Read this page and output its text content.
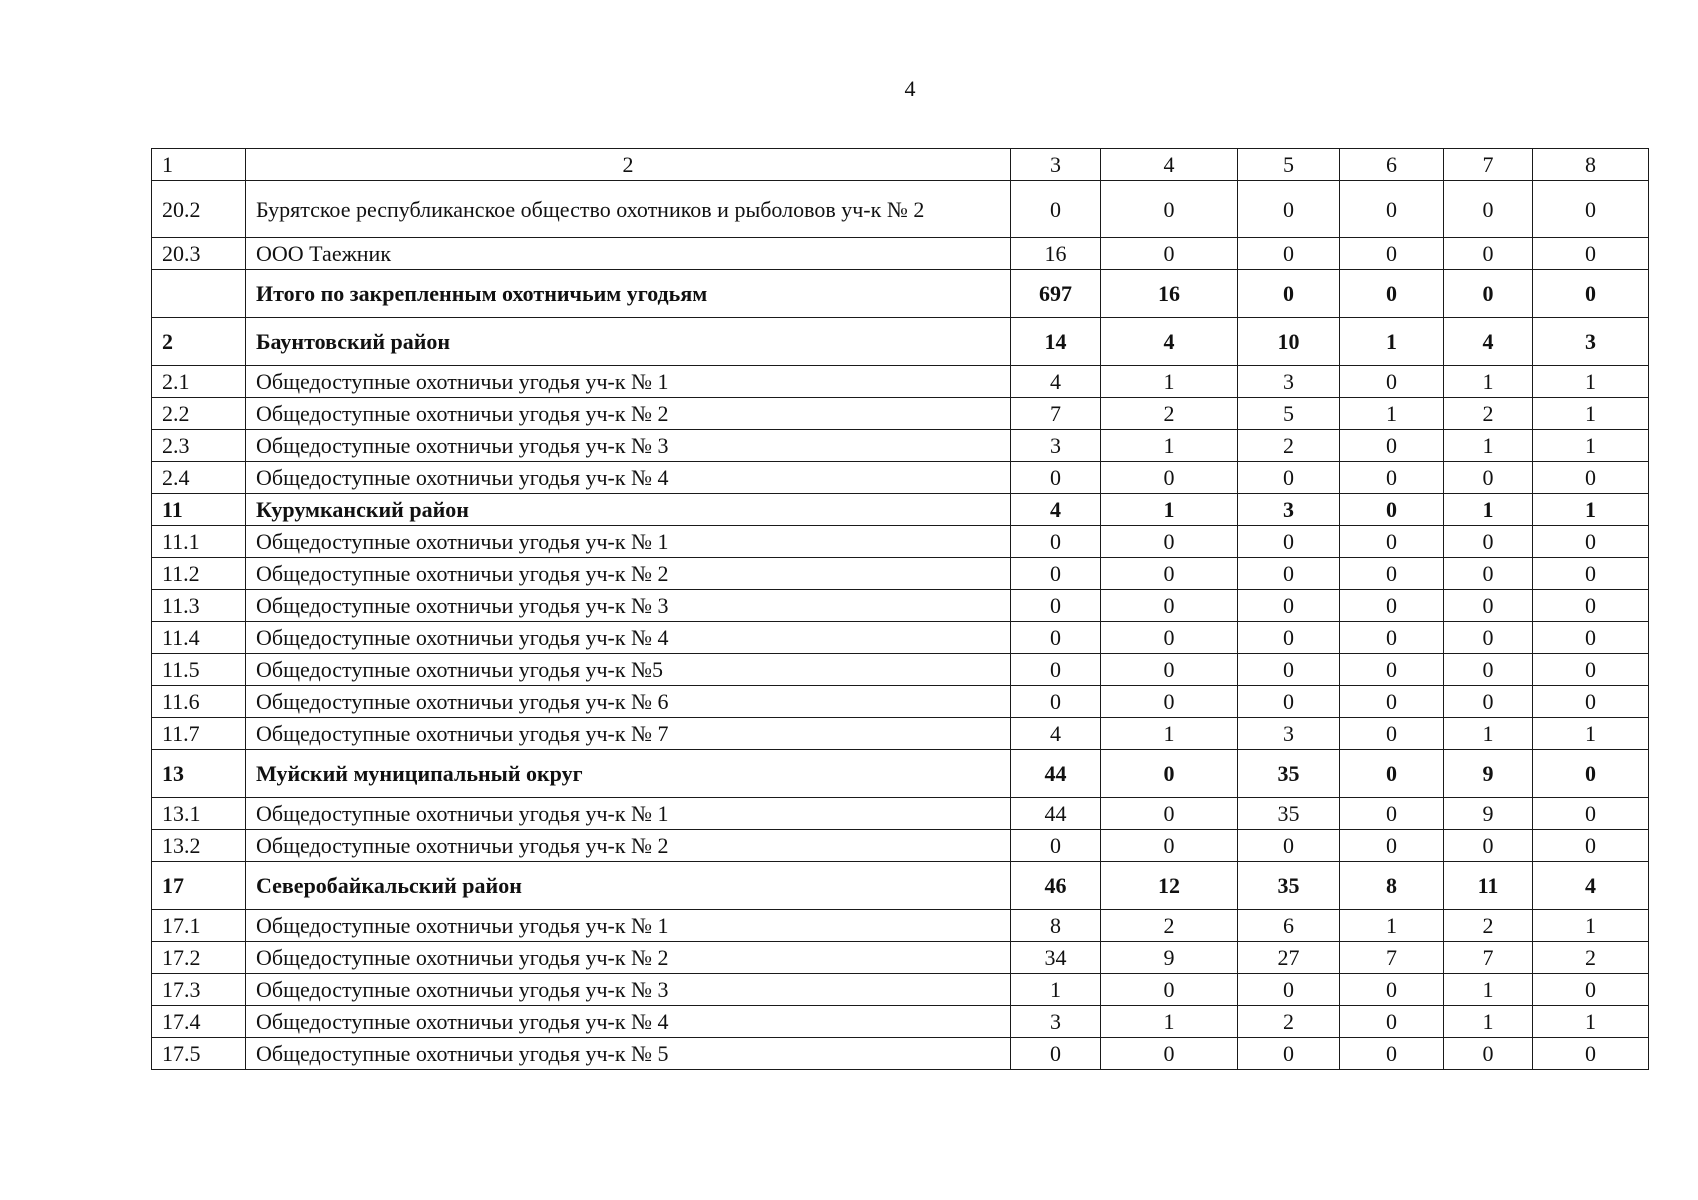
4
1	2	3	4	5	6	7	8
20.2	Бурятское республиканское общество охотников и рыболовов уч-к № 2	0	0	0	0	0	0
20.3	ООО Таежник	16	0	0	0	0	0
	Итого по закрепленным охотничьим угодьям	697	16	0	0	0	0
2	Баунтовский район	14	4	10	1	4	3
2.1	Общедоступные охотничьи угодья уч-к № 1	4	1	3	0	1	1
2.2	Общедоступные охотничьи угодья уч-к № 2	7	2	5	1	2	1
2.3	Общедоступные охотничьи угодья уч-к № 3	3	1	2	0	1	1
2.4	Общедоступные охотничьи угодья уч-к № 4	0	0	0	0	0	0
11	Курумканский район	4	1	3	0	1	1
11.1	Общедоступные охотничьи угодья уч-к № 1	0	0	0	0	0	0
11.2	Общедоступные охотничьи угодья уч-к № 2	0	0	0	0	0	0
11.3	Общедоступные охотничьи угодья уч-к № 3	0	0	0	0	0	0
11.4	Общедоступные охотничьи угодья уч-к № 4	0	0	0	0	0	0
11.5	Общедоступные охотничьи угодья уч-к №5	0	0	0	0	0	0
11.6	Общедоступные охотничьи угодья уч-к № 6	0	0	0	0	0	0
11.7	Общедоступные охотничьи угодья уч-к № 7	4	1	3	0	1	1
13	Муйский муниципальный округ	44	0	35	0	9	0
13.1	Общедоступные охотничьи угодья уч-к № 1	44	0	35	0	9	0
13.2	Общедоступные охотничьи угодья уч-к № 2	0	0	0	0	0	0
17	Северобайкальский район	46	12	35	8	11	4
17.1	Общедоступные охотничьи угодья уч-к № 1	8	2	6	1	2	1
17.2	Общедоступные охотничьи угодья уч-к № 2	34	9	27	7	7	2
17.3	Общедоступные охотничьи угодья уч-к № 3	1	0	0	0	1	0
17.4	Общедоступные охотничьи угодья уч-к № 4	3	1	2	0	1	1
17.5	Общедоступные охотничьи угодья уч-к № 5	0	0	0	0	0	0
